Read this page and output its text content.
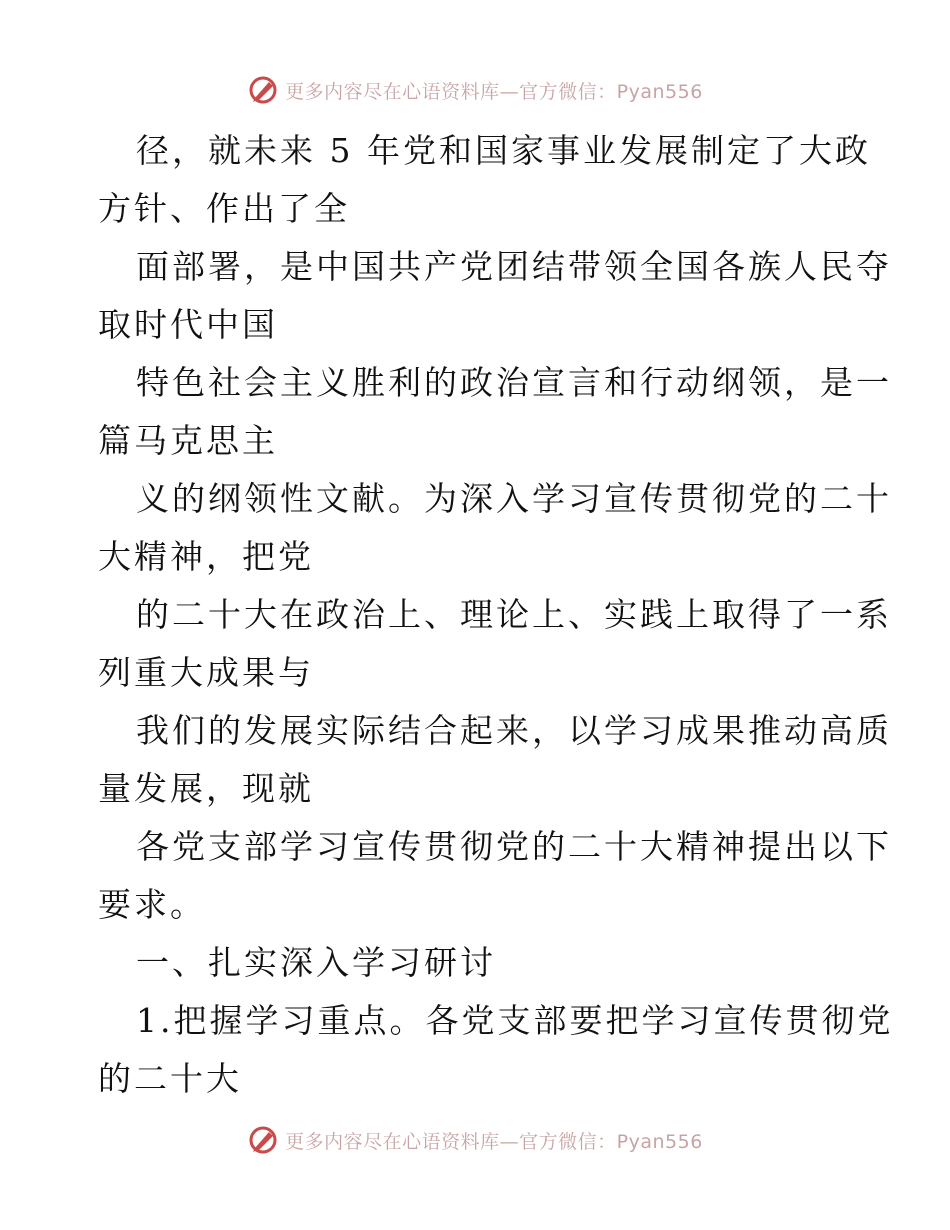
更多内容尽在心语资料库—官方微信：Pyan556
径，就未来 5 年党和国家事业发展制定了大政
方针、作出了全
面部署，是中国共产党团结带领全国各族人民夺
取时代中国
特色社会主义胜利的政治宣言和行动纲领，是一
篇马克思主
义的纲领性文献。为深入学习宣传贯彻党的二十
大精神，把党
的二十大在政治上、理论上、实践上取得了一系
列重大成果与
我们的发展实际结合起来，以学习成果推动高质
量发展，现就
各党支部学习宣传贯彻党的二十大精神提出以下
要求。
一、扎实深入学习研讨
1.把握学习重点。各党支部要把学习宣传贯彻党
的二十大
更多内容尽在心语资料库—官方微信：Pyan556
